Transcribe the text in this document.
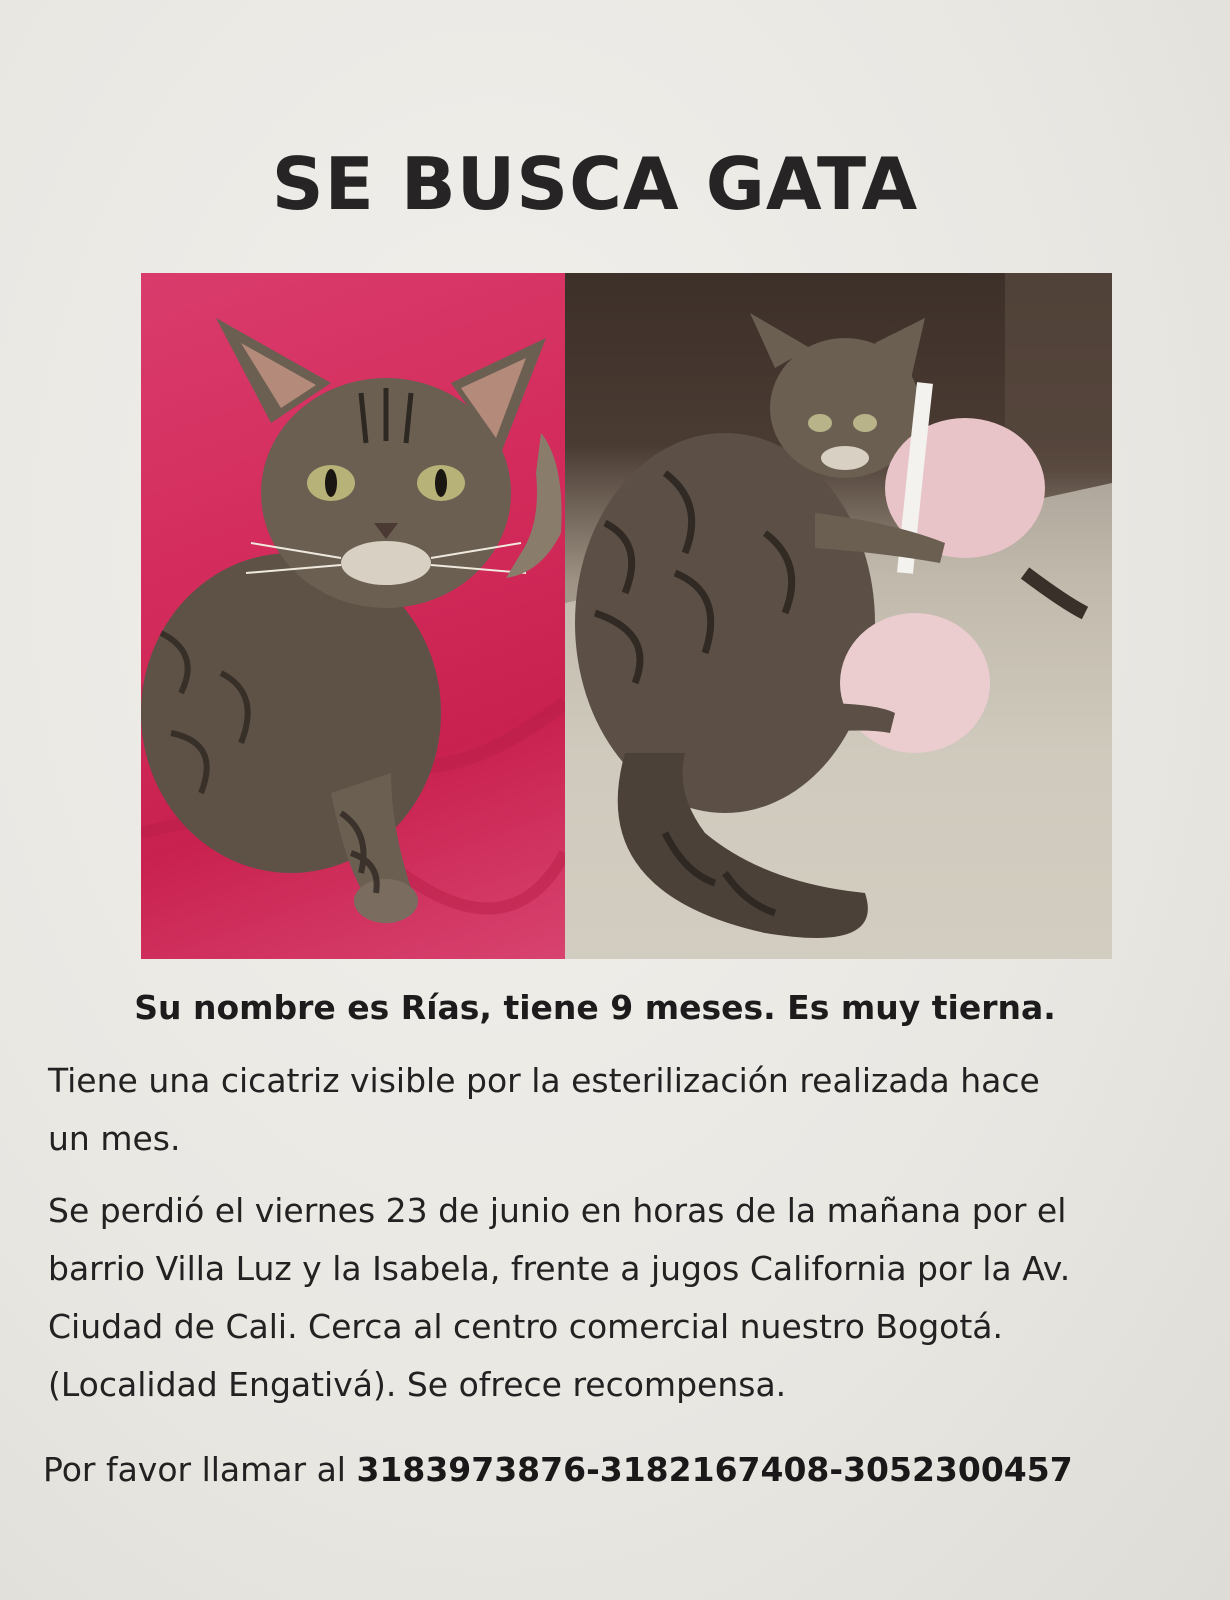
SE BUSCA GATA
Su nombre es Rías, tiene 9 meses. Es muy tierna.
Tiene una cicatriz visible por la esterilización realizada hace
un mes.
Se perdió el viernes 23 de junio en horas de la mañana por el
barrio Villa Luz y la Isabela, frente a jugos California por la Av.
Ciudad de Cali. Cerca al centro comercial nuestro Bogotá.
(Localidad Engativá). Se ofrece recompensa.
Por favor llamar al 3183973876-3182167408-3052300457
